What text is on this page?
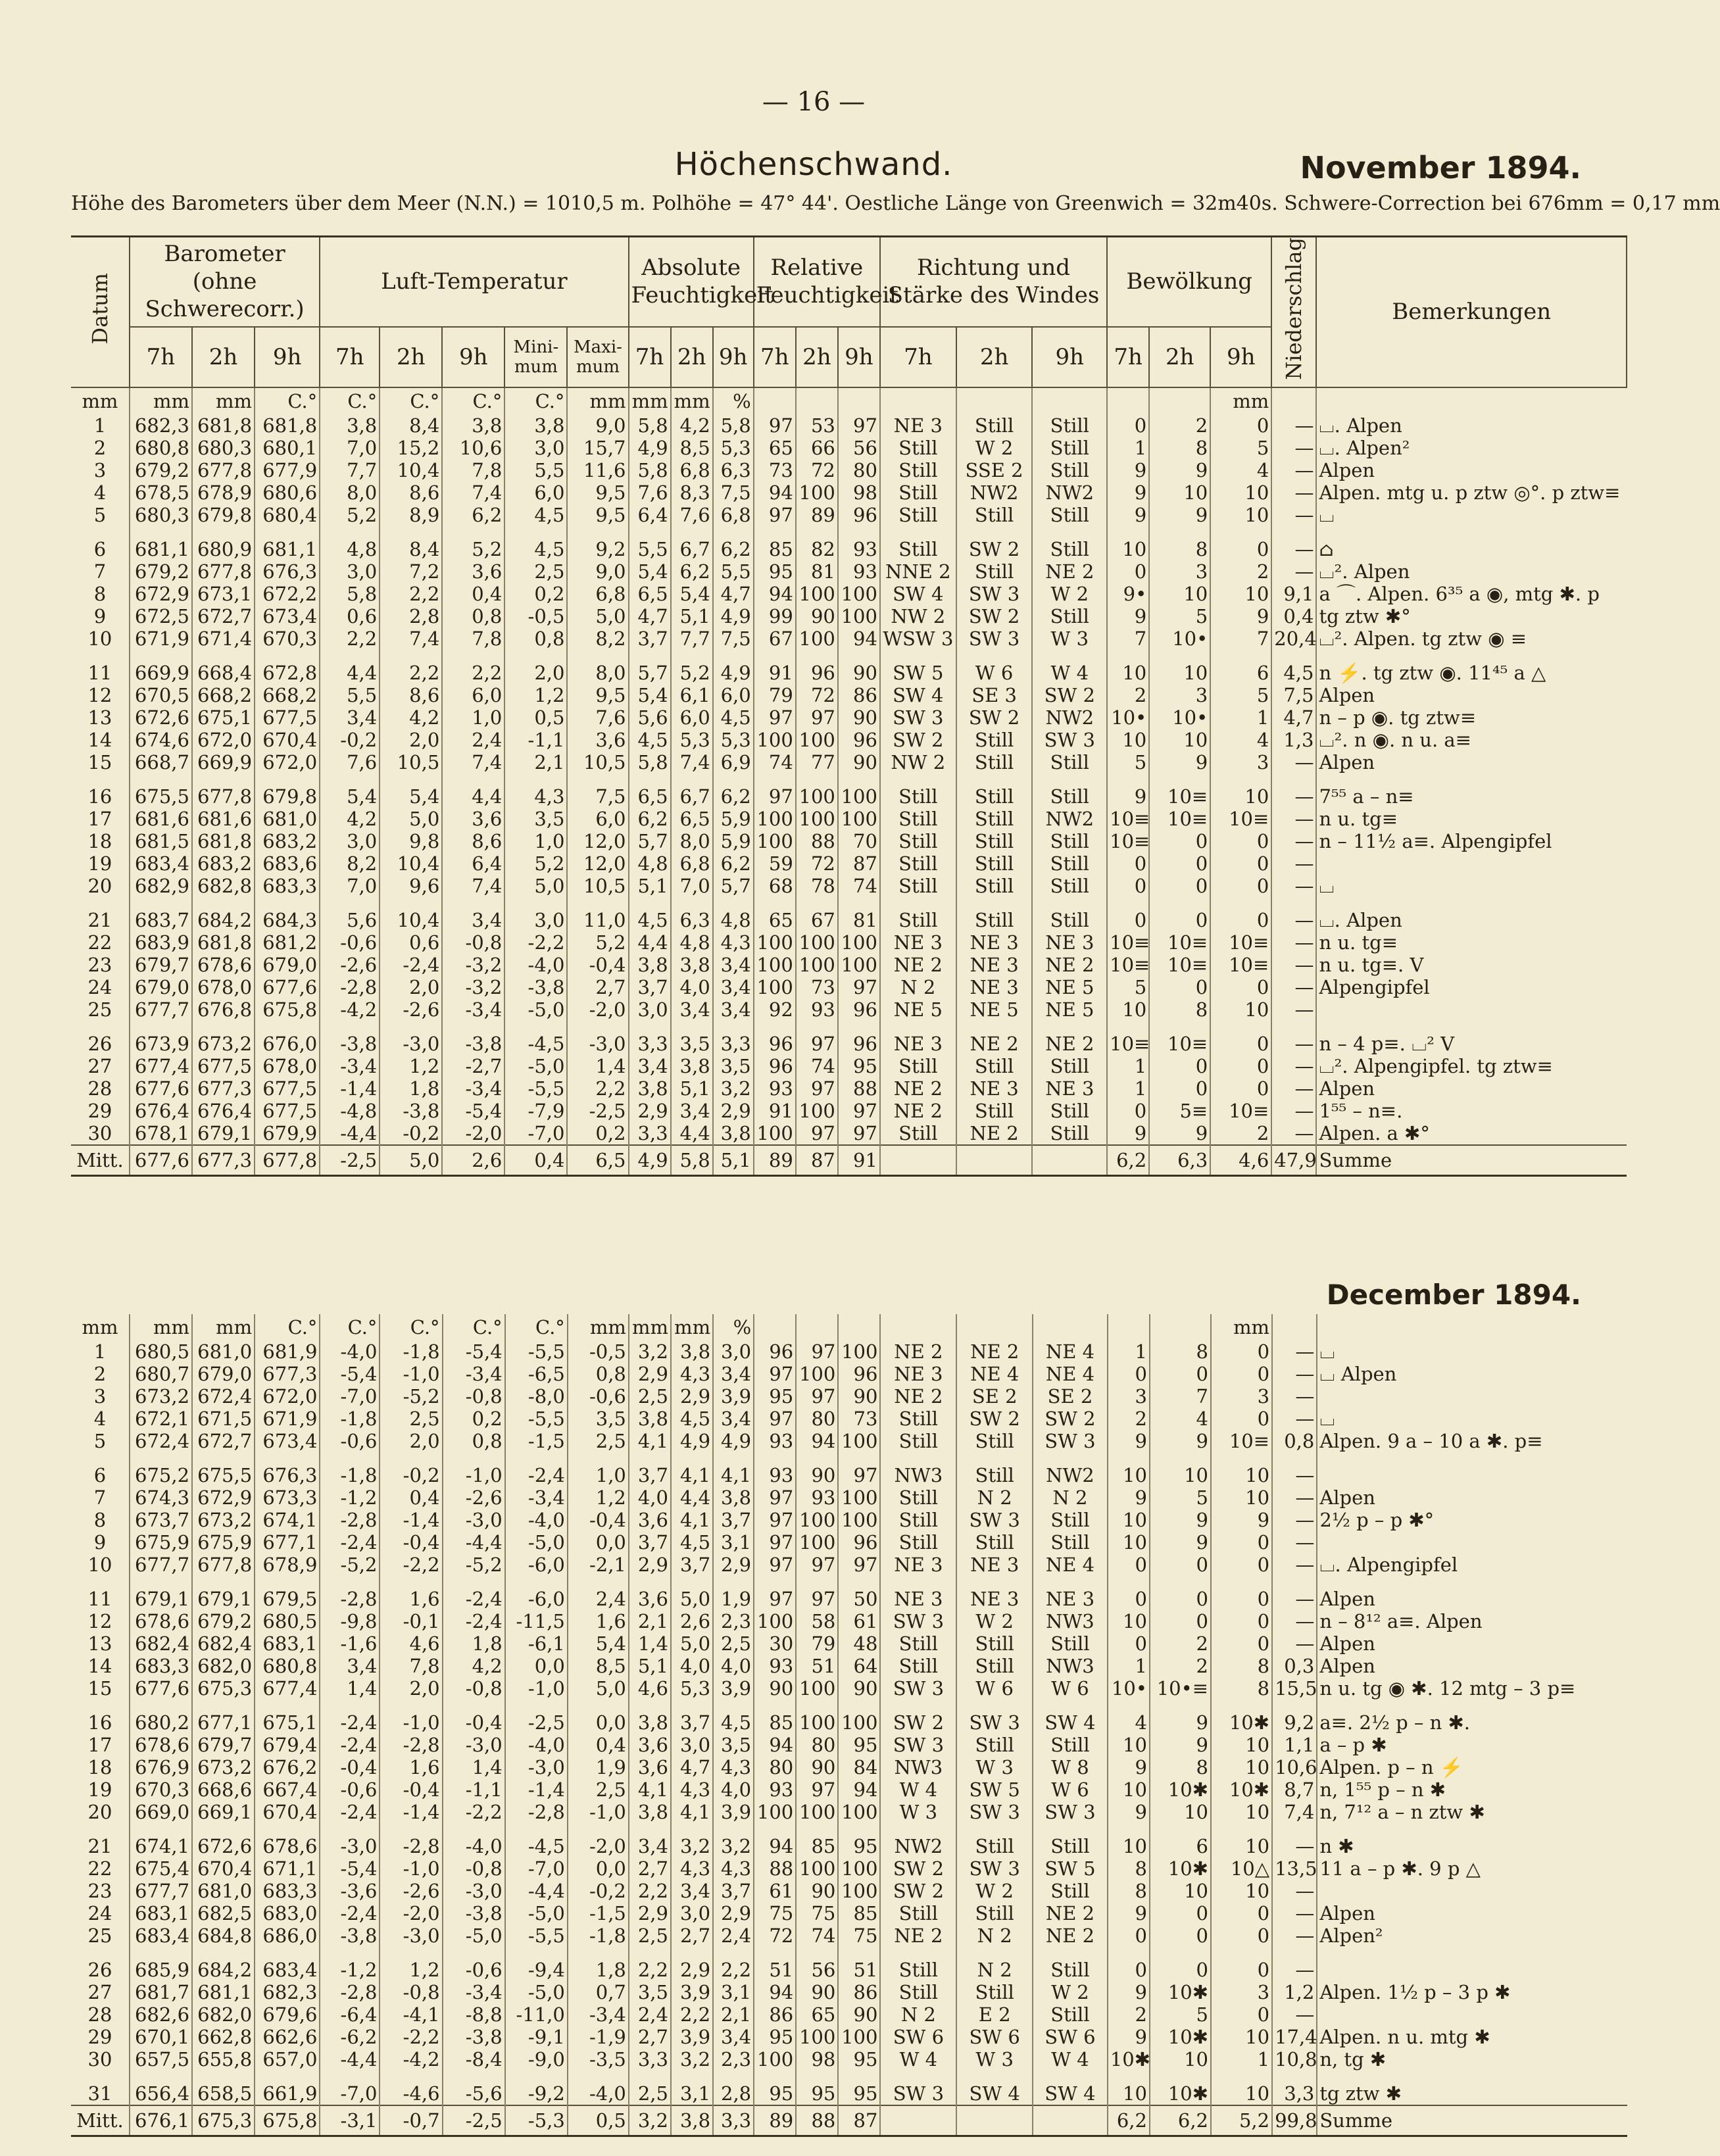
— 16 —
Höchenschwand.	November 1894.
Höhe des Barometers über dem Meer (N.N.) = 1010,5 m. Polhöhe = 47° 44'. Oestliche Länge von Greenwich = 32m40s. Schwere-Correction bei 676mm = 0,17 mm
Datum	Barometer (ohne Schwerecorr.)			Luft-Temperatur					Absolute Feuchtigkeit			Relative Feuchtigkeit			Richtung und Stärke des Windes			Bewölkung			Niederschlag	Bemerkungen
	7h	2h	9h	7h	2h	9h	Mini-mum	Maxi-mum	7h	2h	9h	7h	2h	9h	7h	2h	9h	7h	2h	9h		
mm	mm	mm	C.°	C.°	C.°	C.°	C.°	mm	mm	mm	%									mm		
1	682,3	681,8	681,8	3,8	8,4	3,8	3,8	9,0	5,8	4,2	5,8	97	53	97	NE 3	Still	Still	0	2	0	—	⌴. Alpen
2	680,8	680,3	680,1	7,0	15,2	10,6	3,0	15,7	4,9	8,5	5,3	65	66	56	Still	W 2	Still	1	8	5	—	⌴. Alpen²
3	679,2	677,8	677,9	7,7	10,4	7,8	5,5	11,6	5,8	6,8	6,3	73	72	80	Still	SSE 2	Still	9	9	4	—	Alpen
4	678,5	678,9	680,6	8,0	8,6	7,4	6,0	9,5	7,6	8,3	7,5	94	100	98	Still	NW2	NW2	9	10	10	—	Alpen. mtg u. p ztw ◎°. p ztw≡
5	680,3	679,8	680,4	5,2	8,9	6,2	4,5	9,5	6,4	7,6	6,8	97	89	96	Still	Still	Still	9	9	10	—	⌴

6	681,1	680,9	681,1	4,8	8,4	5,2	4,5	9,2	5,5	6,7	6,2	85	82	93	Still	SW 2	Still	10	8	0	—	⌂
7	679,2	677,8	676,3	3,0	7,2	3,6	2,5	9,0	5,4	6,2	5,5	95	81	93	NNE 2	Still	NE 2	0	3	2	—	⌴². Alpen
8	672,9	673,1	672,2	5,8	2,2	0,4	0,2	6,8	6,5	5,4	4,7	94	100	100	SW 4	SW 3	W 2	9•	10	10	9,1	a ⌒. Alpen. 6³⁵ a ◉, mtg ✱. p
9	672,5	672,7	673,4	0,6	2,8	0,8	-0,5	5,0	4,7	5,1	4,9	99	90	100	NW 2	SW 2	Still	9	5	9	0,4	tg ztw ✱°
10	671,9	671,4	670,3	2,2	7,4	7,8	0,8	8,2	3,7	7,7	7,5	67	100	94	WSW 3	SW 3	W 3	7	10•	7	20,4	⌴². Alpen. tg ztw ◉ ≡

11	669,9	668,4	672,8	4,4	2,2	2,2	2,0	8,0	5,7	5,2	4,9	91	96	90	SW 5	W 6	W 4	10	10	6	4,5	n ⚡. tg ztw ◉. 11⁴⁵ a △
12	670,5	668,2	668,2	5,5	8,6	6,0	1,2	9,5	5,4	6,1	6,0	79	72	86	SW 4	SE 3	SW 2	2	3	5	7,5	Alpen
13	672,6	675,1	677,5	3,4	4,2	1,0	0,5	7,6	5,6	6,0	4,5	97	97	90	SW 3	SW 2	NW2	10•	10•	1	4,7	n – p ◉. tg ztw≡
14	674,6	672,0	670,4	-0,2	2,0	2,4	-1,1	3,6	4,5	5,3	5,3	100	100	96	SW 2	Still	SW 3	10	10	4	1,3	⌴². n ◉. n u. a≡
15	668,7	669,9	672,0	7,6	10,5	7,4	2,1	10,5	5,8	7,4	6,9	74	77	90	NW 2	Still	Still	5	9	3	—	Alpen

16	675,5	677,8	679,8	5,4	5,4	4,4	4,3	7,5	6,5	6,7	6,2	97	100	100	Still	Still	Still	9	10≡	10	—	7⁵⁵ a – n≡
17	681,6	681,6	681,0	4,2	5,0	3,6	3,5	6,0	6,2	6,5	5,9	100	100	100	Still	Still	NW2	10≡	10≡	10≡	—	n u. tg≡
18	681,5	681,8	683,2	3,0	9,8	8,6	1,0	12,0	5,7	8,0	5,9	100	88	70	Still	Still	Still	10≡	0	0	—	n – 11½ a≡. Alpengipfel
19	683,4	683,2	683,6	8,2	10,4	6,4	5,2	12,0	4,8	6,8	6,2	59	72	87	Still	Still	Still	0	0	0	—	
20	682,9	682,8	683,3	7,0	9,6	7,4	5,0	10,5	5,1	7,0	5,7	68	78	74	Still	Still	Still	0	0	0	—	⌴

21	683,7	684,2	684,3	5,6	10,4	3,4	3,0	11,0	4,5	6,3	4,8	65	67	81	Still	Still	Still	0	0	0	—	⌴. Alpen
22	683,9	681,8	681,2	-0,6	0,6	-0,8	-2,2	5,2	4,4	4,8	4,3	100	100	100	NE 3	NE 3	NE 3	10≡	10≡	10≡	—	n u. tg≡
23	679,7	678,6	679,0	-2,6	-2,4	-3,2	-4,0	-0,4	3,8	3,8	3,4	100	100	100	NE 2	NE 3	NE 2	10≡	10≡	10≡	—	n u. tg≡. V
24	679,0	678,0	677,6	-2,8	2,0	-3,2	-3,8	2,7	3,7	4,0	3,4	100	73	97	N 2	NE 3	NE 5	5	0	0	—	Alpengipfel
25	677,7	676,8	675,8	-4,2	-2,6	-3,4	-5,0	-2,0	3,0	3,4	3,4	92	93	96	NE 5	NE 5	NE 5	10	8	10	—	

26	673,9	673,2	676,0	-3,8	-3,0	-3,8	-4,5	-3,0	3,3	3,5	3,3	96	97	96	NE 3	NE 2	NE 2	10≡	10≡	0	—	n – 4 p≡. ⌴² V
27	677,4	677,5	678,0	-3,4	1,2	-2,7	-5,0	1,4	3,4	3,8	3,5	96	74	95	Still	Still	Still	1	0	0	—	⌴². Alpengipfel. tg ztw≡
28	677,6	677,3	677,5	-1,4	1,8	-3,4	-5,5	2,2	3,8	5,1	3,2	93	97	88	NE 2	NE 3	NE 3	1	0	0	—	Alpen
29	676,4	676,4	677,5	-4,8	-3,8	-5,4	-7,9	-2,5	2,9	3,4	2,9	91	100	97	NE 2	Still	Still	0	5≡	10≡	—	1⁵⁵ – n≡.
30	678,1	679,1	679,9	-4,4	-0,2	-2,0	-7,0	0,2	3,3	4,4	3,8	100	97	97	Still	NE 2	Still	9	9	2	—	Alpen. a ✱°
Mitt.	677,6	677,3	677,8	-2,5	5,0	2,6	0,4	6,5	4,9	5,8	5,1	89	87	91				6,2	6,3	4,6	47,9	Summe
December 1894.
mm	mm	mm	C.°	C.°	C.°	C.°	C.°	mm	mm	mm	%									mm		
1	680,5	681,0	681,9	-4,0	-1,8	-5,4	-5,5	-0,5	3,2	3,8	3,0	96	97	100	NE 2	NE 2	NE 4	1	8	0	—	⌴
2	680,7	679,0	677,3	-5,4	-1,0	-3,4	-6,5	0,8	2,9	4,3	3,4	97	100	96	NE 3	NE 4	NE 4	0	0	0	—	⌴ Alpen
3	673,2	672,4	672,0	-7,0	-5,2	-0,8	-8,0	-0,6	2,5	2,9	3,9	95	97	90	NE 2	SE 2	SE 2	3	7	3	—	
4	672,1	671,5	671,9	-1,8	2,5	0,2	-5,5	3,5	3,8	4,5	3,4	97	80	73	Still	SW 2	SW 2	2	4	0	—	⌴
5	672,4	672,7	673,4	-0,6	2,0	0,8	-1,5	2,5	4,1	4,9	4,9	93	94	100	Still	Still	SW 3	9	9	10≡	0,8	Alpen. 9 a – 10 a ✱. p≡

6	675,2	675,5	676,3	-1,8	-0,2	-1,0	-2,4	1,0	3,7	4,1	4,1	93	90	97	NW3	Still	NW2	10	10	10	—	
7	674,3	672,9	673,3	-1,2	0,4	-2,6	-3,4	1,2	4,0	4,4	3,8	97	93	100	Still	N 2	N 2	9	5	10	—	Alpen
8	673,7	673,2	674,1	-2,8	-1,4	-3,0	-4,0	-0,4	3,6	4,1	3,7	97	100	100	Still	SW 3	Still	10	9	9	—	2½ p – p ✱°
9	675,9	675,9	677,1	-2,4	-0,4	-4,4	-5,0	0,0	3,7	4,5	3,1	97	100	96	Still	Still	Still	10	9	0	—	
10	677,7	677,8	678,9	-5,2	-2,2	-5,2	-6,0	-2,1	2,9	3,7	2,9	97	97	97	NE 3	NE 3	NE 4	0	0	0	—	⌴. Alpengipfel

11	679,1	679,1	679,5	-2,8	1,6	-2,4	-6,0	2,4	3,6	5,0	1,9	97	97	50	NE 3	NE 3	NE 3	0	0	0	—	Alpen
12	678,6	679,2	680,5	-9,8	-0,1	-2,4	-11,5	1,6	2,1	2,6	2,3	100	58	61	SW 3	W 2	NW3	10	0	0	—	n – 8¹² a≡. Alpen
13	682,4	682,4	683,1	-1,6	4,6	1,8	-6,1	5,4	1,4	5,0	2,5	30	79	48	Still	Still	Still	0	2	0	—	Alpen
14	683,3	682,0	680,8	3,4	7,8	4,2	0,0	8,5	5,1	4,0	4,0	93	51	64	Still	Still	NW3	1	2	8	0,3	Alpen
15	677,6	675,3	677,4	1,4	2,0	-0,8	-1,0	5,0	4,6	5,3	3,9	90	100	90	SW 3	W 6	W 6	10•	10•≡	8	15,5	n u. tg ◉ ✱. 12 mtg – 3 p≡

16	680,2	677,1	675,1	-2,4	-1,0	-0,4	-2,5	0,0	3,8	3,7	4,5	85	100	100	SW 2	SW 3	SW 4	4	9	10✱	9,2	a≡. 2½ p – n ✱.
17	678,6	679,7	679,4	-2,4	-2,8	-3,0	-4,0	0,4	3,6	3,0	3,5	94	80	95	SW 3	Still	Still	10	9	10	1,1	a – p ✱
18	676,9	673,2	676,2	-0,4	1,6	1,4	-3,0	1,9	3,6	4,7	4,3	80	90	84	NW3	W 3	W 8	9	8	10	10,6	Alpen. p – n ⚡
19	670,3	668,6	667,4	-0,6	-0,4	-1,1	-1,4	2,5	4,1	4,3	4,0	93	97	94	W 4	SW 5	W 6	10	10✱	10✱	8,7	n, 1⁵⁵ p – n ✱
20	669,0	669,1	670,4	-2,4	-1,4	-2,2	-2,8	-1,0	3,8	4,1	3,9	100	100	100	W 3	SW 3	SW 3	9	10	10	7,4	n, 7¹² a – n ztw ✱

21	674,1	672,6	678,6	-3,0	-2,8	-4,0	-4,5	-2,0	3,4	3,2	3,2	94	85	95	NW2	Still	Still	10	6	10	—	n ✱
22	675,4	670,4	671,1	-5,4	-1,0	-0,8	-7,0	0,0	2,7	4,3	4,3	88	100	100	SW 2	SW 3	SW 5	8	10✱	10△	13,5	11 a – p ✱. 9 p △
23	677,7	681,0	683,3	-3,6	-2,6	-3,0	-4,4	-0,2	2,2	3,4	3,7	61	90	100	SW 2	W 2	Still	8	10	10	—	
24	683,1	682,5	683,0	-2,4	-2,0	-3,8	-5,0	-1,5	2,9	3,0	2,9	75	75	85	Still	Still	NE 2	9	0	0	—	Alpen
25	683,4	684,8	686,0	-3,8	-3,0	-5,0	-5,5	-1,8	2,5	2,7	2,4	72	74	75	NE 2	N 2	NE 2	0	0	0	—	Alpen²

26	685,9	684,2	683,4	-1,2	1,2	-0,6	-9,4	1,8	2,2	2,9	2,2	51	56	51	Still	N 2	Still	0	0	0	—	
27	681,7	681,1	682,3	-2,8	-0,8	-3,4	-5,0	0,7	3,5	3,9	3,1	94	90	86	Still	Still	W 2	9	10✱	3	1,2	Alpen. 1½ p – 3 p ✱
28	682,6	682,0	679,6	-6,4	-4,1	-8,8	-11,0	-3,4	2,4	2,2	2,1	86	65	90	N 2	E 2	Still	2	5	0	—	
29	670,1	662,8	662,6	-6,2	-2,2	-3,8	-9,1	-1,9	2,7	3,9	3,4	95	100	100	SW 6	SW 6	SW 6	9	10✱	10	17,4	Alpen. n u. mtg ✱
30	657,5	655,8	657,0	-4,4	-4,2	-8,4	-9,0	-3,5	3,3	3,2	2,3	100	98	95	W 4	W 3	W 4	10✱	10	1	10,8	n, tg ✱

31	656,4	658,5	661,9	-7,0	-4,6	-5,6	-9,2	-4,0	2,5	3,1	2,8	95	95	95	SW 3	SW 4	SW 4	10	10✱	10	3,3	tg ztw ✱
Mitt.	676,1	675,3	675,8	-3,1	-0,7	-2,5	-5,3	0,5	3,2	3,8	3,3	89	88	87				6,2	6,2	5,2	99,8	Summe
